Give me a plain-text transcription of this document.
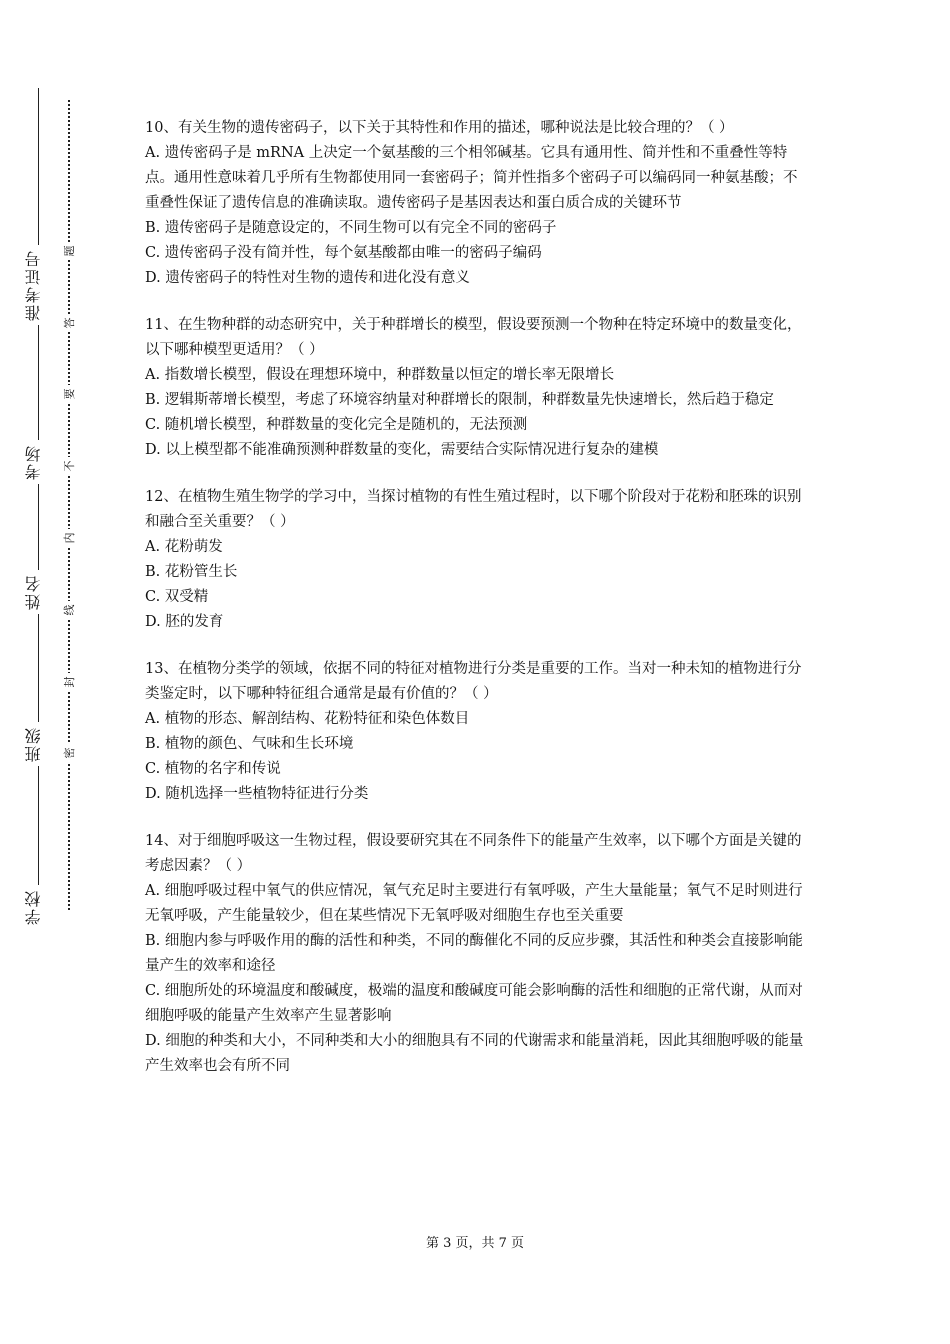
准考证号
考场
姓名
班级
学校
题
答
要
不
内
线
封
密

10、有关生物的遗传密码子，以下关于其特性和作用的描述，哪种说法是比较合理的？（ ）

A. 遗传密码子是 mRNA 上决定一个氨基酸的三个相邻碱基。它具有通用性、简并性和不重叠性等特点。通用性意味着几乎所有生物都使用同一套密码子；简并性指多个密码子可以编码同一种氨基酸；不重叠性保证了遗传信息的准确读取。遗传密码子是基因表达和蛋白质合成的关键环节

B. 遗传密码子是随意设定的，不同生物可以有完全不同的密码子

C. 遗传密码子没有简并性，每个氨基酸都由唯一的密码子编码

D. 遗传密码子的特性对生物的遗传和进化没有意义

11、在生物种群的动态研究中，关于种群增长的模型，假设要预测一个物种在特定环境中的数量变化，以下哪种模型更适用？（ ）

A. 指数增长模型，假设在理想环境中，种群数量以恒定的增长率无限增长

B. 逻辑斯蒂增长模型，考虑了环境容纳量对种群增长的限制，种群数量先快速增长，然后趋于稳定

C. 随机增长模型，种群数量的变化完全是随机的，无法预测

D. 以上模型都不能准确预测种群数量的变化，需要结合实际情况进行复杂的建模

12、在植物生殖生物学的学习中，当探讨植物的有性生殖过程时，以下哪个阶段对于花粉和胚珠的识别和融合至关重要？（ ）

A. 花粉萌发

B. 花粉管生长

C. 双受精

D. 胚的发育

13、在植物分类学的领域，依据不同的特征对植物进行分类是重要的工作。当对一种未知的植物进行分类鉴定时，以下哪种特征组合通常是最有价值的？（ ）

A. 植物的形态、解剖结构、花粉特征和染色体数目

B. 植物的颜色、气味和生长环境

C. 植物的名字和传说

D. 随机选择一些植物特征进行分类

14、对于细胞呼吸这一生物过程，假设要研究其在不同条件下的能量产生效率，以下哪个方面是关键的考虑因素？（ ）

A. 细胞呼吸过程中氧气的供应情况，氧气充足时主要进行有氧呼吸，产生大量能量；氧气不足时则进行无氧呼吸，产生能量较少，但在某些情况下无氧呼吸对细胞生存也至关重要

B. 细胞内参与呼吸作用的酶的活性和种类，不同的酶催化不同的反应步骤，其活性和种类会直接影响能量产生的效率和途径

C. 细胞所处的环境温度和酸碱度，极端的温度和酸碱度可能会影响酶的活性和细胞的正常代谢，从而对细胞呼吸的能量产生效率产生显著影响

D. 细胞的种类和大小，不同种类和大小的细胞具有不同的代谢需求和能量消耗，因此其细胞呼吸的能量产生效率也会有所不同

第 3 页，共 7 页
